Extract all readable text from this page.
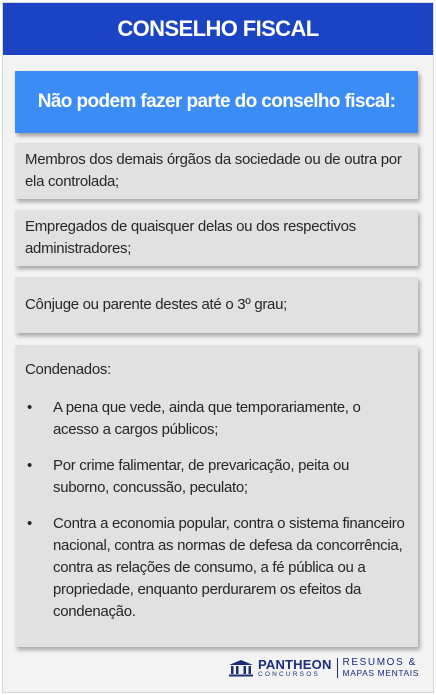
CONSELHO FISCAL
Não podem fazer parte do conselho fiscal:
Membros dos demais órgãos da sociedade ou de outra por ela controlada;
Empregados de quaisquer delas ou dos respectivos administradores;
Cônjuge ou parente destes até o 3º grau;
Condenados:
•	A pena que vede, ainda que temporariamente, o acesso a cargos públicos;
•	Por crime falimentar, de prevaricação, peita ou suborno, concussão, peculato;
•	Contra a economia popular, contra o sistema financeiro nacional, contra as normas de defesa da concorrência, contra as relações de consumo, a fé pública ou a propriedade, enquanto perdurarem os efeitos da condenação.
PANTHEON
CONCURSOS
RESUMOS &
MAPAS MENTAIS
